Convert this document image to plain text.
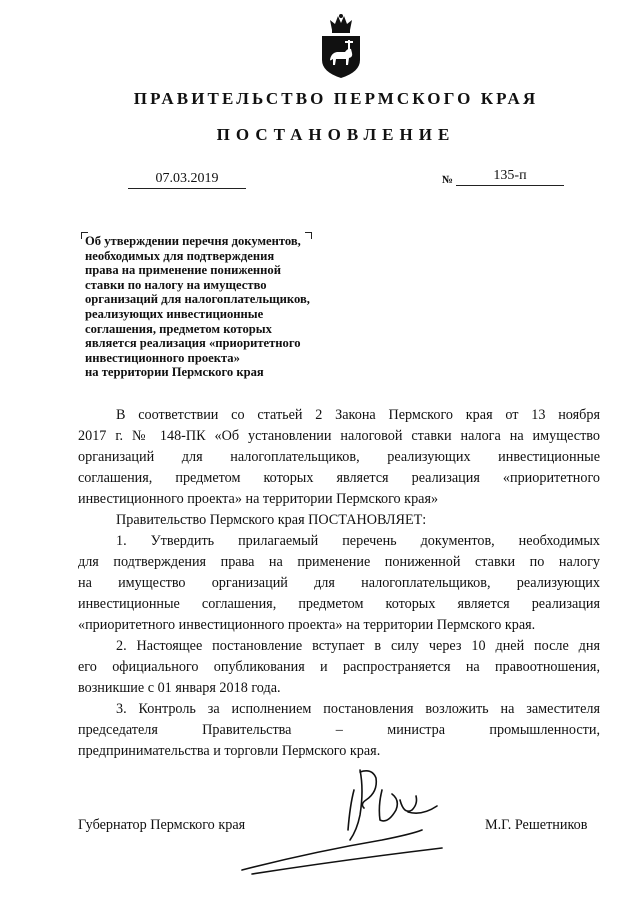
ПРАВИТЕЛЬСТВО ПЕРМСКОГО КРАЯ
ПОСТАНОВЛЕНИЕ
07.03.2019	№	135-п
Об утверждении перечня документов,
необходимых для подтверждения
права на применение пониженной
ставки по налогу на имущество
организаций для налогоплательщиков,
реализующих инвестиционные
соглашения, предметом которых
является реализация «приоритетного
инвестиционного проекта»
на территории Пермского края
В соответствии со статьей 2 Закона Пермского края от 13 ноября
2017 г. № 148-ПК «Об установлении налоговой ставки налога на имущество
организаций для налогоплательщиков, реализующих инвестиционные
соглашения, предметом которых является реализация «приоритетного
инвестиционного проекта» на территории Пермского края»
Правительство Пермского края ПОСТАНОВЛЯЕТ:
1. Утвердить прилагаемый перечень документов, необходимых
для подтверждения права на применение пониженной ставки по налогу
на имущество организаций для налогоплательщиков, реализующих
инвестиционные соглашения, предметом которых является реализация
«приоритетного инвестиционного проекта» на территории Пермского края.
2. Настоящее постановление вступает в силу через 10 дней после дня
его официального опубликования и распространяется на правоотношения,
возникшие с 01 января 2018 года.
3. Контроль за исполнением постановления возложить на заместителя
председателя Правительства – министра промышленности,
предпринимательства и торговли Пермского края.
Губернатор Пермского края	М.Г. Решетников
